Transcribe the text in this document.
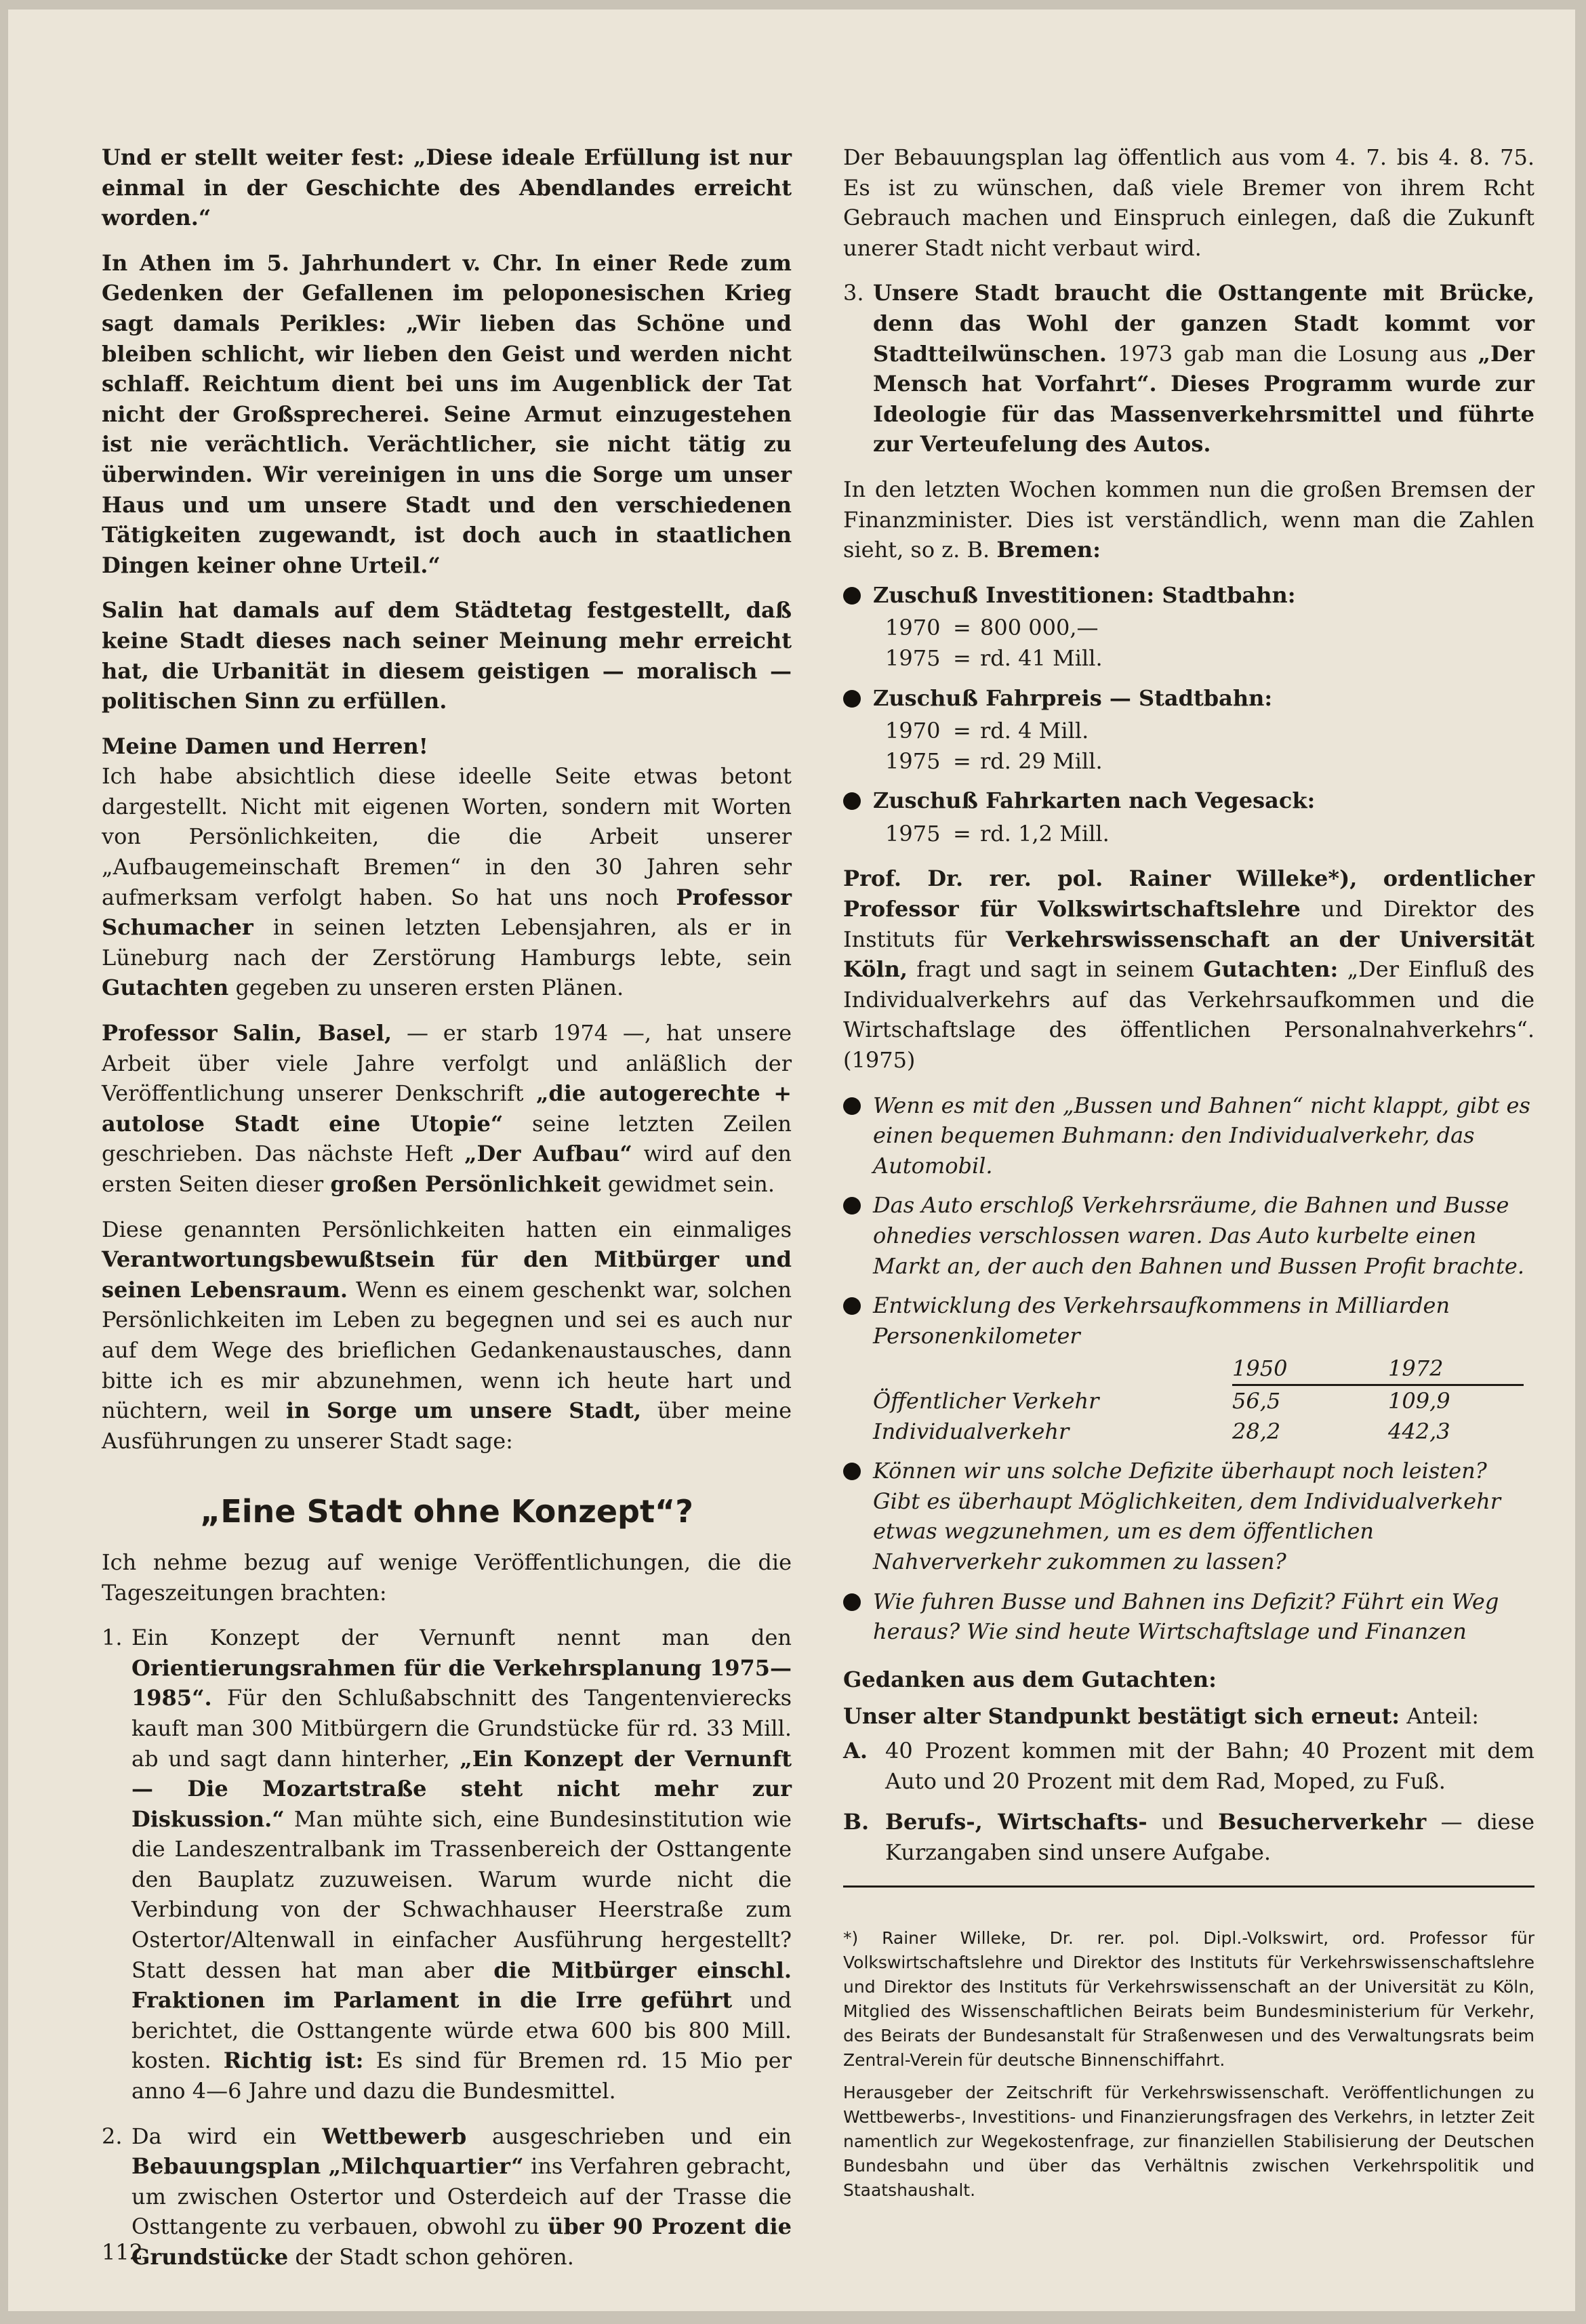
Und er stellt weiter fest: „Diese ideale Erfüllung ist nur einmal in der Geschichte des Abendlandes erreicht worden.“

In Athen im 5. Jahrhundert v. Chr. In einer Rede zum Gedenken der Gefallenen im peloponesischen Krieg sagt damals Perikles: „Wir lieben das Schöne und bleiben schlicht, wir lieben den Geist und werden nicht schlaff. Reichtum dient bei uns im Augenblick der Tat nicht der Großsprecherei. Seine Armut einzugestehen ist nie verächtlich. Verächtlicher, sie nicht tätig zu überwinden. Wir vereinigen in uns die Sorge um unser Haus und um unsere Stadt und den verschiedenen Tätigkeiten zugewandt, ist doch auch in staatlichen Dingen keiner ohne Urteil.“

Salin hat damals auf dem Städtetag festgestellt, daß keine Stadt dieses nach seiner Meinung mehr erreicht hat, die Urbanität in diesem geistigen — moralisch — politischen Sinn zu erfüllen.

Meine Damen und Herren!

Ich habe absichtlich diese ideelle Seite etwas betont dargestellt. Nicht mit eigenen Worten, sondern mit Worten von Persönlichkeiten, die die Arbeit unserer „Aufbaugemeinschaft Bremen“ in den 30 Jahren sehr aufmerksam verfolgt haben. So hat uns noch Professor Schumacher in seinen letzten Lebensjahren, als er in Lüneburg nach der Zerstörung Hamburgs lebte, sein Gutachten gegeben zu unseren ersten Plänen.

Professor Salin, Basel, — er starb 1974 —, hat unsere Arbeit über viele Jahre verfolgt und anläßlich der Veröffentlichung unserer Denkschrift „die autogerechte + autolose Stadt eine Utopie“ seine letzten Zeilen geschrieben. Das nächste Heft „Der Aufbau“ wird auf den ersten Seiten dieser großen Persönlichkeit gewidmet sein.

Diese genannten Persönlichkeiten hatten ein einmaliges Verantwortungsbewußtsein für den Mitbürger und seinen Lebensraum. Wenn es einem geschenkt war, solchen Persönlichkeiten im Leben zu begegnen und sei es auch nur auf dem Wege des brieflichen Gedankenaustausches, dann bitte ich es mir abzunehmen, wenn ich heute hart und nüchtern, weil in Sorge um unsere Stadt, über meine Ausführungen zu unserer Stadt sage:

„Eine Stadt ohne Konzept“?

Ich nehme bezug auf wenige Veröffentlichungen, die die Tageszeitungen brachten:

1. Ein Konzept der Vernunft nennt man den Orientierungsrahmen für die Verkehrsplanung 1975—1985“. Für den Schlußabschnitt des Tangentenvierecks kauft man 300 Mitbürgern die Grundstücke für rd. 33 Mill. ab und sagt dann hinterher, „Ein Konzept der Vernunft — Die Mozartstraße steht nicht mehr zur Diskussion.“ Man mühte sich, eine Bundesinstitution wie die Landeszentralbank im Trassenbereich der Osttangente den Bauplatz zuzuweisen. Warum wurde nicht die Verbindung von der Schwachhauser Heerstraße zum Ostertor/Altenwall in einfacher Ausführung hergestellt? Statt dessen hat man aber die Mitbürger einschl. Fraktionen im Parlament in die Irre geführt und berichtet, die Osttangente würde etwa 600 bis 800 Mill. kosten. Richtig ist: Es sind für Bremen rd. 15 Mio per anno 4—6 Jahre und dazu die Bundesmittel.
2. Da wird ein Wettbewerb ausgeschrieben und ein Bebauungsplan „Milchquartier“ ins Verfahren gebracht, um zwischen Ostertor und Osterdeich auf der Trasse die Osttangente zu verbauen, obwohl zu über 90 Prozent die Grundstücke der Stadt schon gehören.

Der Bebauungsplan lag öffentlich aus vom 4. 7. bis 4. 8. 75. Es ist zu wünschen, daß viele Bremer von ihrem Rcht Gebrauch machen und Einspruch einlegen, daß die Zukunft unerer Stadt nicht verbaut wird.

3. Unsere Stadt braucht die Osttangente mit Brücke, denn das Wohl der ganzen Stadt kommt vor Stadtteilwünschen. 1973 gab man die Losung aus „Der Mensch hat Vorfahrt“. Dieses Programm wurde zur Ideologie für das Massenverkehrsmittel und führte zur Verteufelung des Autos.

In den letzten Wochen kommen nun die großen Bremsen der Finanzminister. Dies ist verständlich, wenn man die Zahlen sieht, so z. B. Bremen:

Zuschuß Investitionen: Stadtbahn:
1970 = 800 000,—
1975 = rd. 41 Mill.
Zuschuß Fahrpreis — Stadtbahn:
1970 = rd. 4 Mill.
1975 = rd. 29 Mill.
Zuschuß Fahrkarten nach Vegesack:
1975 = rd. 1,2 Mill.

Prof. Dr. rer. pol. Rainer Willeke*), ordentlicher Professor für Volkswirtschaftslehre und Direktor des Instituts für Verkehrswissenschaft an der Universität Köln, fragt und sagt in seinem Gutachten: „Der Einfluß des Individualverkehrs auf das Verkehrsaufkommen und die Wirtschaftslage des öffentlichen Personalnahverkehrs“. (1975)

Wenn es mit den „Bussen und Bahnen“ nicht klappt, gibt es einen bequemen Buhmann: den Individualverkehr, das Automobil.
Das Auto erschloß Verkehrsräume, die Bahnen und Busse ohnedies verschlossen waren. Das Auto kurbelte einen Markt an, der auch den Bahnen und Bussen Profit brachte.
Entwicklung des Verkehrsaufkommens in Milliarden Personenkilometer
1950	1972
Öffentlicher Verkehr	56,5	109,9
Individualverkehr	28,2	442,3
Können wir uns solche Defizite überhaupt noch leisten? Gibt es überhaupt Möglichkeiten, dem Individualverkehr etwas wegzunehmen, um es dem öffentlichen Nahververkehr zukommen zu lassen?
Wie fuhren Busse und Bahnen ins Defizit? Führt ein Weg heraus? Wie sind heute Wirtschaftslage und Finanzen

Gedanken aus dem Gutachten:

Unser alter Standpunkt bestätigt sich erneut: Anteil:

A. 40 Prozent kommen mit der Bahn; 40 Prozent mit dem Auto und 20 Prozent mit dem Rad, Moped, zu Fuß.
B. Berufs-, Wirtschafts- und Besucherverkehr — diese Kurzangaben sind unsere Aufgabe.

*) Rainer Willeke, Dr. rer. pol. Dipl.-Volkswirt, ord. Professor für Volkswirtschaftslehre und Direktor des Instituts für Verkehrswissenschaftslehre und Direktor des Instituts für Verkehrswissenschaft an der Universität zu Köln, Mitglied des Wissenschaftlichen Beirats beim Bundesministerium für Verkehr, des Beirats der Bundesanstalt für Straßenwesen und des Verwaltungsrats beim Zentral-Verein für deutsche Binnenschiffahrt.

Herausgeber der Zeitschrift für Verkehrswissenschaft. Veröffentlichungen zu Wettbewerbs-, Investitions- und Finanzierungsfragen des Verkehrs, in letzter Zeit namentlich zur Wegekostenfrage, zur finanziellen Stabilisierung der Deutschen Bundesbahn und über das Verhältnis zwischen Verkehrspolitik und Staatshaushalt.

112
